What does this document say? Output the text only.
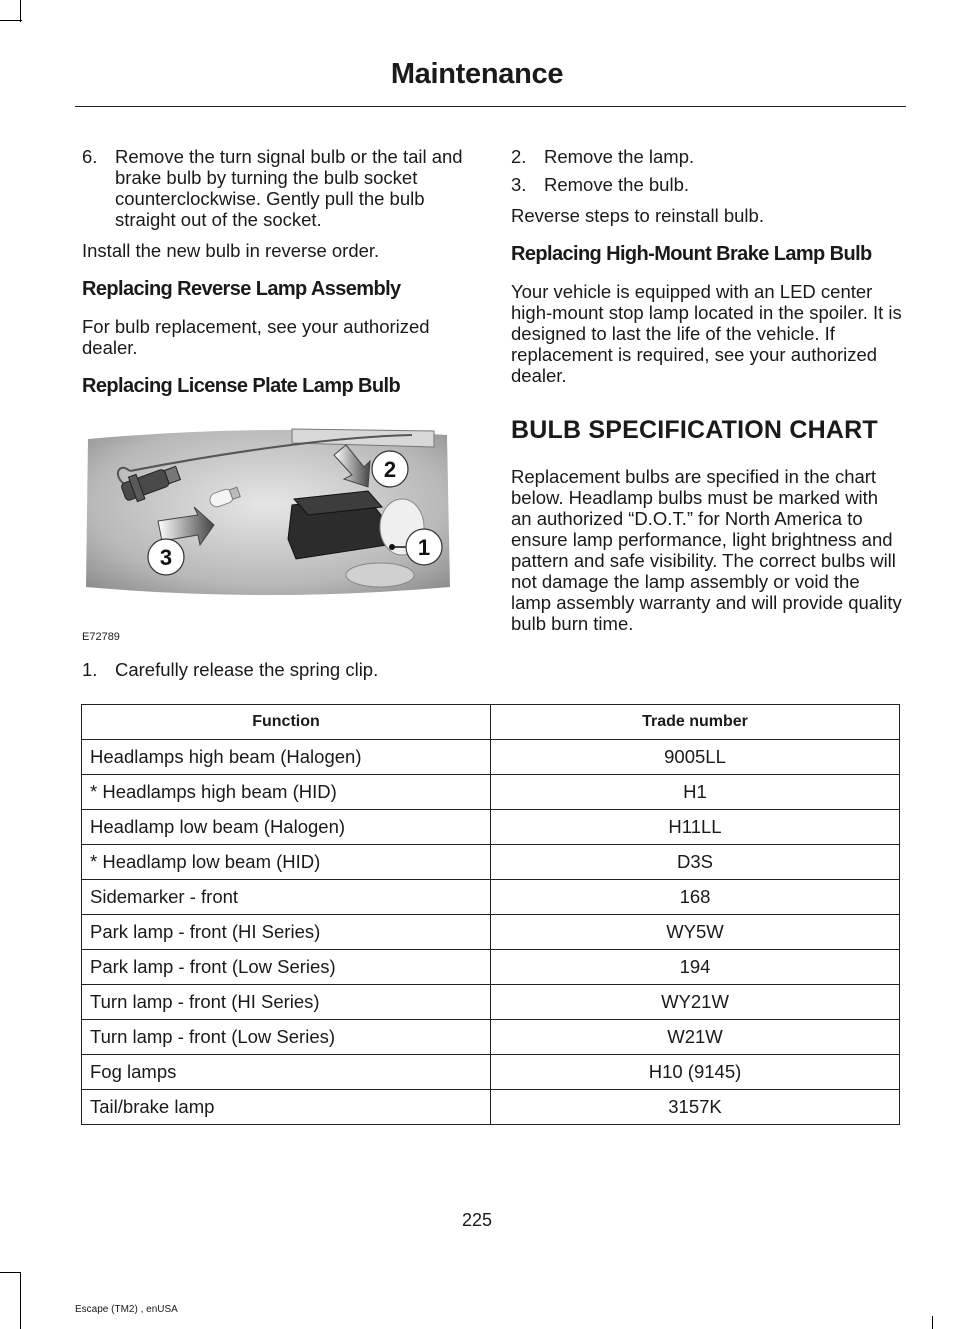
Maintenance
6. Remove the turn signal bulb or the tail and brake bulb by turning the bulb socket counterclockwise. Gently pull the bulb straight out of the socket.

Install the new bulb in reverse order.

Replacing Reverse Lamp Assembly

For bulb replacement, see your authorized dealer.

Replacing License Plate Lamp Bulb
1
2
3
E72789
1. Carefully release the spring clip.
2. Remove the lamp.
3. Remove the bulb.

Reverse steps to reinstall bulb.

Replacing High-Mount Brake Lamp Bulb

Your vehicle is equipped with an LED center high-mount stop lamp located in the spoiler. It is designed to last the life of the vehicle. If replacement is required, see your authorized dealer.

BULB SPECIFICATION CHART

Replacement bulbs are specified in the chart below. Headlamp bulbs must be marked with an authorized “D.O.T.” for North America to ensure lamp performance, light brightness and pattern and safe visibility. The correct bulbs will not damage the lamp assembly or void the lamp assembly warranty and will provide quality bulb burn time.

Function	Trade number
Headlamps high beam (Halogen)	9005LL
* Headlamps high beam (HID)	H1
Headlamp low beam (Halogen)	H11LL
* Headlamp low beam (HID)	D3S
Sidemarker - front	168
Park lamp - front (HI Series)	WY5W
Park lamp - front (Low Series)	194
Turn lamp - front (HI Series)	WY21W
Turn lamp - front (Low Series)	W21W
Fog lamps	H10 (9145)
Tail/brake lamp	3157K
225
Escape (TM2) , enUSA
